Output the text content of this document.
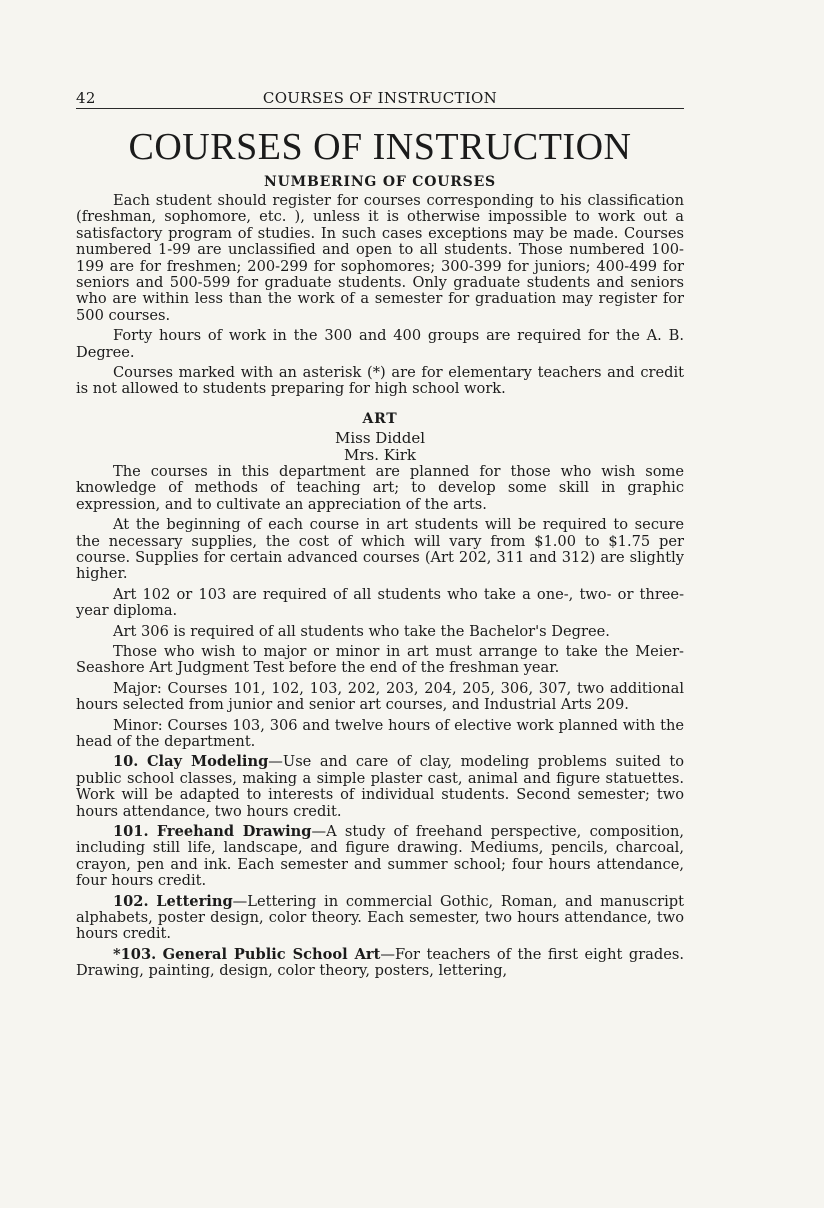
42	COURSES OF INSTRUCTION
COURSES OF INSTRUCTION
NUMBERING OF COURSES

Each student should register for courses corresponding to his classification (freshman, sophomore, etc. ), unless it is otherwise impossible to work out a satisfactory program of studies. In such cases exceptions may be made. Courses numbered 1-99 are unclassified and open to all students. Those numbered 100-199 are for freshmen; 200-299 for sophomores; 300-399 for juniors; 400-499 for seniors and 500-599 for graduate students. Only graduate students and seniors who are within less than the work of a semester for graduation may register for 500 courses.

Forty hours of work in the 300 and 400 groups are required for the A. B. Degree.

Courses marked with an asterisk (*) are for elementary teachers and credit is not allowed to students preparing for high school work.

ART
Miss Diddel
Mrs. Kirk

The courses in this department are planned for those who wish some knowledge of methods of teaching art; to develop some skill in graphic expression, and to cultivate an appreciation of the arts.

At the beginning of each course in art students will be required to secure the necessary supplies, the cost of which will vary from $1.00 to $1.75 per course. Supplies for certain advanced courses (Art 202, 311 and 312) are slightly higher.

Art 102 or 103 are required of all students who take a one-, two- or three-year diploma.

Art 306 is required of all students who take the Bachelor's Degree.

Those who wish to major or minor in art must arrange to take the Meier-Seashore Art Judgment Test before the end of the freshman year.

Major: Courses 101, 102, 103, 202, 203, 204, 205, 306, 307, two additional hours selected from junior and senior art courses, and Industrial Arts 209.

Minor: Courses 103, 306 and twelve hours of elective work planned with the head of the department.

10. Clay Modeling—Use and care of clay, modeling problems suited to public school classes, making a simple plaster cast, animal and figure statuettes. Work will be adapted to interests of individual students. Second semester; two hours attendance, two hours credit.

101. Freehand Drawing—A study of freehand perspective, composition, including still life, landscape, and figure drawing. Mediums, pencils, charcoal, crayon, pen and ink. Each semester and summer school; four hours attendance, four hours credit.

102. Lettering—Lettering in commercial Gothic, Roman, and manuscript alphabets, poster design, color theory. Each semester, two hours attendance, two hours credit.

*103. General Public School Art—For teachers of the first eight grades. Drawing, painting, design, color theory, posters, lettering,
